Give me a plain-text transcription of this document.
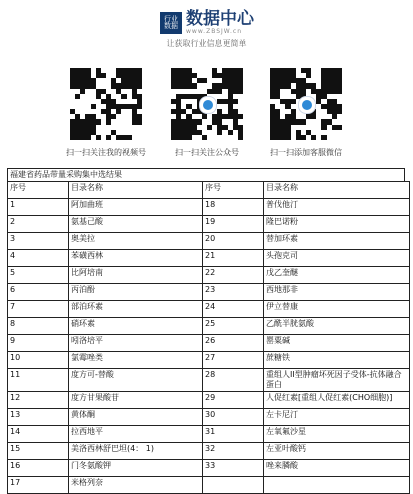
行业
数据 数据中心
www.ZBSJW.cn
让获取行业信息更简单
扫一扫关注我的视频号	扫一扫关注公众号	扫一扫添加客服微信
福建省药品带量采购集中选结果
序号	目录名称	序号	目录名称
1	阿加曲班	18	普伐他汀
2	氨基己酸	19	隆巴诺粉
3	奥美拉	20	替加环素
4	苯磺西林	21	头孢克司
5	比阿培南	22	戊乙奎醚
6	丙泊酚	23	西地那非
7	部泊环素	24	伊立替康
8	硝环素	25	乙酰半胱氨酸
9	吲洛培平	26	罂粟碱
10	氯霉唑类	27	蔗糖铁
11	度方可-替酸	28	重组人II型肿瘤坏死因子受体-抗体融合蛋白
12	度方甘果酸苷	29	人促红素[重组人促红素(CHO细胞)]
13	黄体酮	30	左卡尼汀
14	拉西地平	31	左氧氟沙星
15	美洛西林舒巴坦(4： 1)	32	左亚叶酸钙
16	门冬氨酸钾	33	唑来膦酸
17	米格列奈		
